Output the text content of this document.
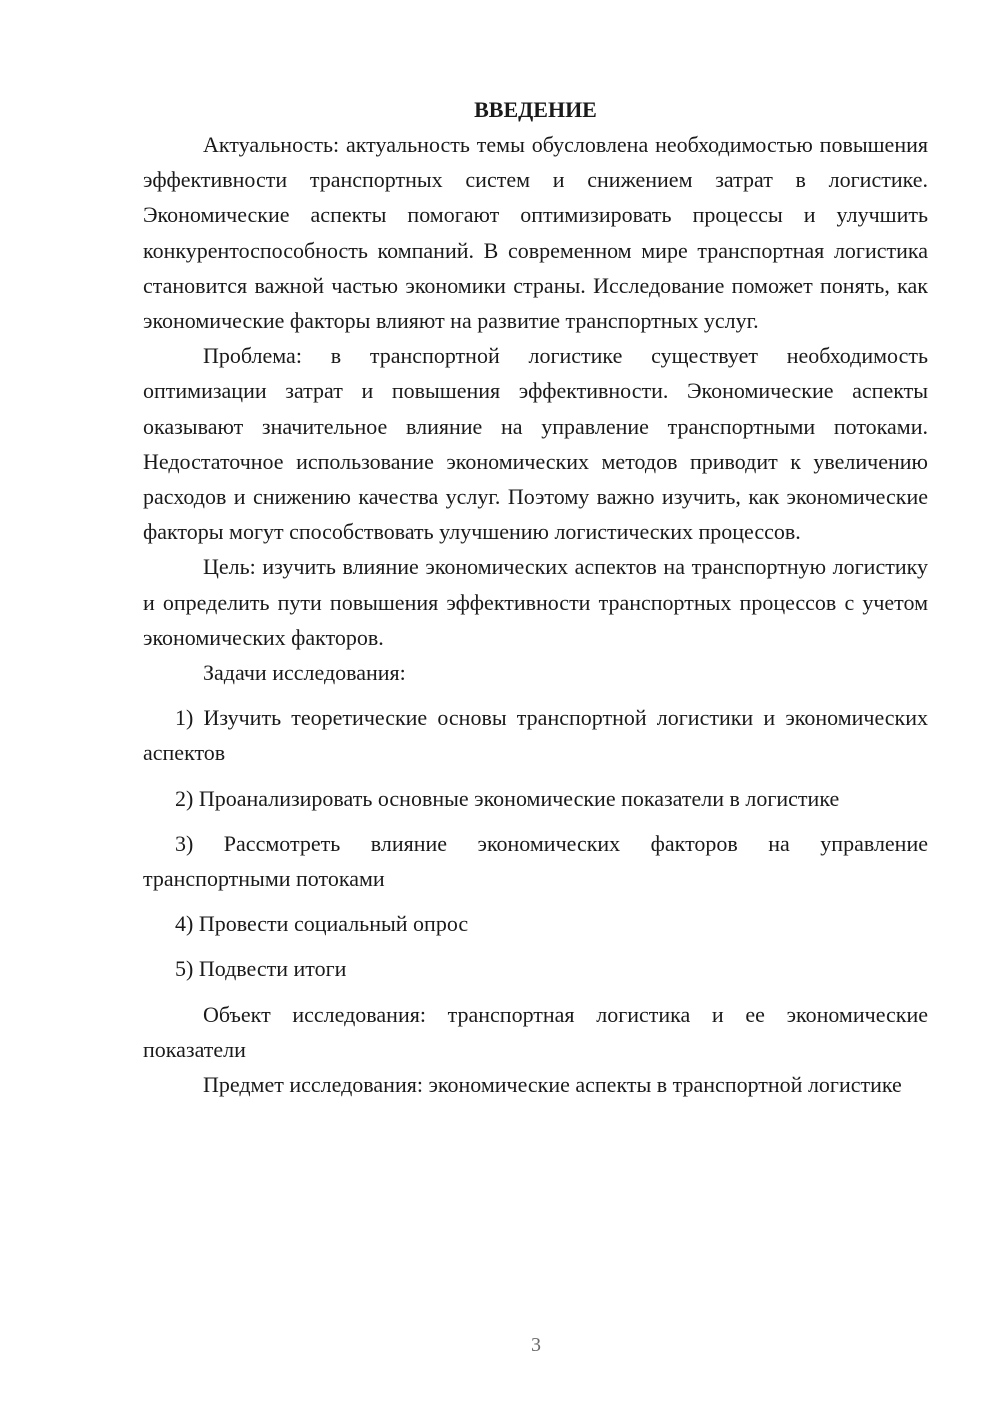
ВВЕДЕНИЕ

Актуальность: актуальность темы обусловлена необходимостью повышения эффективности транспортных систем и снижением затрат в логистике. Экономические аспекты помогают оптимизировать процессы и улучшить конкурентоспособность компаний. В современном мире транспортная логистика становится важной частью экономики страны. Исследование поможет понять, как экономические факторы влияют на развитие транспортных услуг.

Проблема: в транспортной логистике существует необходимость оптимизации затрат и повышения эффективности. Экономические аспекты оказывают значительное влияние на управление транспортными потоками. Недостаточное использование экономических методов приводит к увеличению расходов и снижению качества услуг. Поэтому важно изучить, как экономические факторы могут способствовать улучшению логистических процессов.

Цель: изучить влияние экономических аспектов на транспортную логистику и определить пути повышения эффективности транспортных процессов с учетом экономических факторов.

Задачи исследования:

1) Изучить теоретические основы транспортной логистики и экономических аспектов

2) Проанализировать основные экономические показатели в логистике

3) Рассмотреть влияние экономических факторов на управление транспортными потоками

4) Провести социальный опрос

5) Подвести итоги

Объект исследования: транспортная логистика и ее экономические показатели

Предмет исследования: экономические аспекты в транспортной логистике

3
